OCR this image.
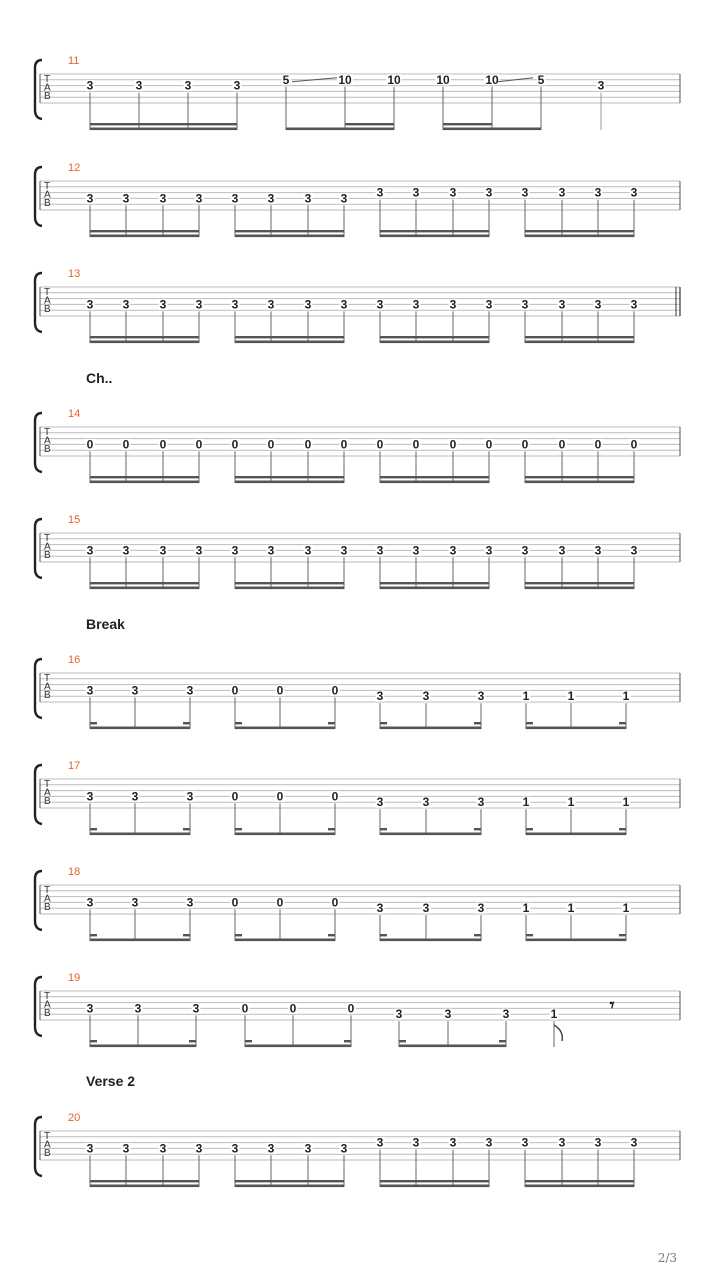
11
T
A
B
3	3	3	3	5	10	10	10	10	5	3
12
T
A
B	3 3	3 3 3 3	3 3 3 3	3 3 3	3 3 3
13
T
A
B	3 3	3 3 3 3	3 3 3 3	3 3 3	3 3 3
14
T
A
B	0 0	0 0 0 0	0 0 0 0	0 0 0	0 0 0
15
T
A
B	3 3	3 3 3 3	3 3 3 3	3 3 3	3 3 3
16
T
A
B	3	3	3	0	0	0	3	3	3	1	1	1
17
T
A
B	3	3	3	0	0	0	3	3	3	1	1	1
18
T
A
B	3	3	3	0	0	0	3	3	3	1	1	1
19
T
A
B	3	3	3	0	0	0	3	3	3	1	𝄾
20
T
A
B	3 3	3 3 3 3	3 3 3 3	3 3 3	3 3 3
Ch..
Break
Verse 2
2/3
